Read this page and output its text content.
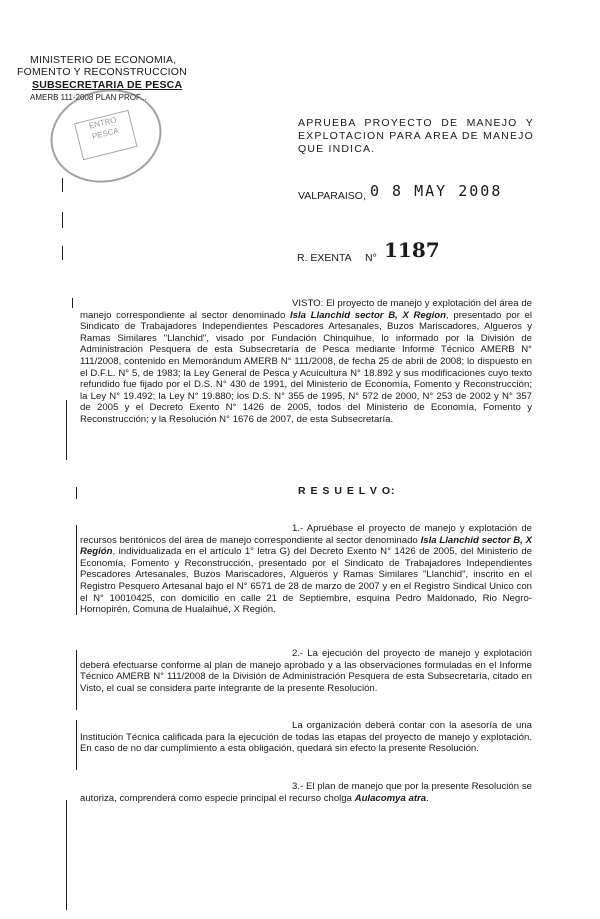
MINISTERIO DE ECONOMIA,
FOMENTO Y RECONSTRUCCION
SUBSECRETARIA DE PESCA
AMERB 111-2008 PLAN PROF...
ENTRO
PESCA
APRUEBA PROYECTO DE MANEJO Y EXPLOTACION PARA AREA DE MANEJO QUE INDICA.
VALPARAISO, 0 8 MAY 2008
R. EXENTA N° 1187
VISTO: El proyecto de manejo y explotación del área de manejo correspondiente al sector denominado Isla Llanchid sector B, X Region, presentado por el Sindicato de Trabajadores Independientes Pescadores Artesanales, Buzos Mariscadores, Algueros y Ramas Similares "Llanchid", visado por Fundación Chinquihue, lo informado por la División de Administración Pesquera de esta Subsecretaría de Pesca mediante Informe Técnico AMERB N° 111/2008, contenido en Memorándum AMERB N° 111/2008, de fecha 25 de abril de 2008; lo dispuesto en el D.F.L. N° 5, de 1983; la Ley General de Pesca y Acuicultura N° 18.892 y sus modificaciones cuyo texto refundido fue fijado por el D.S. N° 430 de 1991, del Ministerio de Economía, Fomento y Reconstrucción; la Ley N° 19.492; la Ley N° 19.880; los D.S. N° 355 de 1995, N° 572 de 2000, N° 253 de 2002 y N° 357 de 2005 y el Decreto Exento N° 1426 de 2005, todos del Ministerio de Economía, Fomento y Reconstrucción; y la Resolución N° 1676 de 2007, de esta Subsecretaría.
R E S U E L V O:
1.- Apruébase el proyecto de manejo y explotación de recursos bentónicos del área de manejo correspondiente al sector denominado Isla Llanchid sector B, X Región, individualizada en el artículo 1° letra G) del Decreto Exento N° 1426 de 2005, del Ministerio de Economía, Fomento y Reconstrucción, presentado por el Sindicato de Trabajadores Independientes Pescadores Artesanales, Buzos Mariscadores, Algueros y Ramas Similares "Llanchid", inscrito en el Registro Pesquero Artesanal bajo el N° 6571 de 28 de marzo de 2007 y en el Registro Sindical Unico con el N° 10010425, con domicilio en calle 21 de Septiembre, esquina Pedro Maldonado, Rio Negro-Hornopirén, Comuna de Hualaihué, X Región.
2.- La ejecución del proyecto de manejo y explotación deberá efectuarse conforme al plan de manejo aprobado y a las observaciones formuladas en el Informe Técnico AMERB N° 111/2008 de la División de Administración Pesquera de esta Subsecretaría, citado en Visto, el cual se considera parte integrante de la presente Resolución.
La organización deberá contar con la asesoría de una Institución Técnica calificada para la ejecución de todas las etapas del proyecto de manejo y explotación. En caso de no dar cumplimiento a esta obligación, quedará sin efecto la presente Resolución.
3.- El plan de manejo que por la presente Resolución se autoriza, comprenderá como especie principal el recurso cholga Aulacomya atra.
